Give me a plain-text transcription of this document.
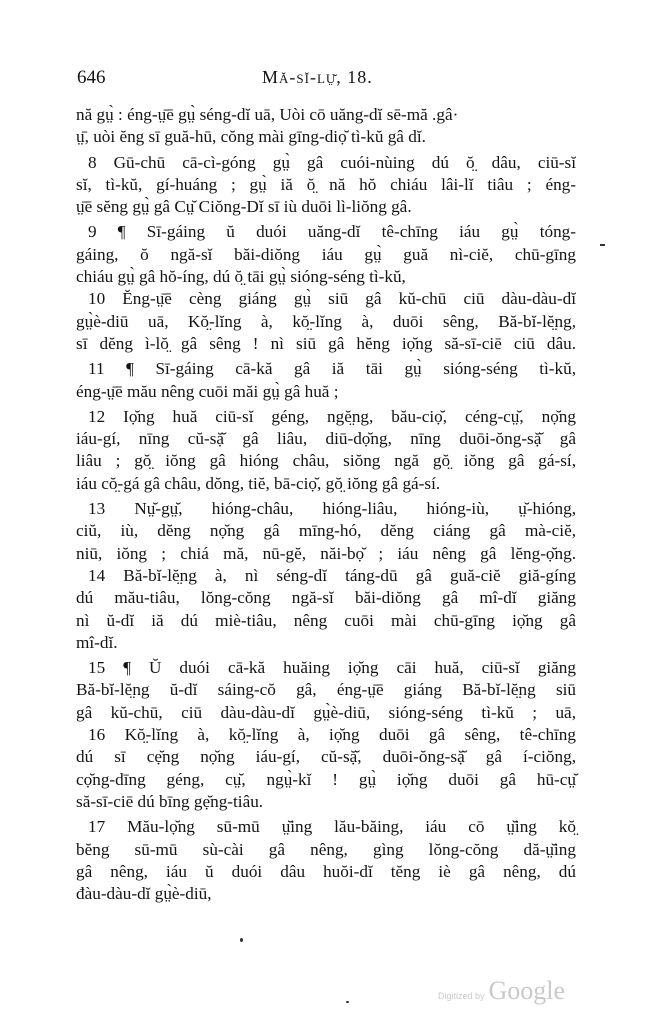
646	Mă-sĭ-lṳ̆, 18.
nă gṳ̀ : éng-ṳ̄ē gṳ̀ séng-dĭ uā, Uòi cō uăng-dĭ sē-mă .gâ·
ṳ̄, uòi ĕng sī guă-hū, cŏng mài gīng-diọ̆ tì-kŭ gâ dĭ.
8 Gū-chū cā-cì-góng gṳ̀ gâ cuói-nùing dú ŏ̤ dâu, ciū-sĭ
sĭ, tì-kŭ, gí-huáng ; gṳ̀ iă ŏ̤ nă hŏ chiáu lâi-lĭ tiâu ; éng-
ṳ̄ē sĕng gṳ̀ gâ Cṳ̆ Ciŏng-Dĭ sī iù duōi lì-liŏng gâ.
9 ¶ Sī-gáing ŭ duói uăng-dĭ tê-chīng iáu gṳ̀ tóng-
gáing, ŏ ngă-sĭ băi-diŏng iáu gṳ̀ guă nì-ciĕ, chū-gīng
chiáu gṳ̀ gâ hŏ-íng, dú ŏ̤ tāi gṳ̀ sióng-séng tì-kŭ,
10 Ĕng-ṳ̄ē cèng giáng gṳ̀ siū gâ kŭ-chū ciū dàu-dàu-dĭ
gṳ̀è-diū uā, Kŏ̤-lĭng à, kŏ̤-lĭng à, duōi sêng, Bă-bĭ-lĕ̤ng,
sī dĕng ì-lŏ̤ gâ sêng ! nì siū gâ hĕng iọ̆ng să-sī-ciē ciū dâu.
11 ¶ Sī-gáing cā-kă gâ iă tāi gṳ̀ sióng-séng tì-kŭ,
éng-ṳ̄ē mău nêng cuōi măi gṳ̀ gâ huă ;
12 Iọ̆ng huă ciū-sĭ géng, ngĕ̤ng, bău-ciọ̆, céng-cṳ̆, nọ̆ng
iáu-gí, nīng cŭ-sặ̆ gâ liâu, diū-dọ̆ng, nīng duōi-ŏng-sặ̆ gâ
liâu ; gŏ̤ iŏng gâ hióng châu, siŏng ngă gŏ̤ iŏng gâ gá-sí,
iáu cŏ̤-gá gâ châu, dŏng, tiĕ, bā-ciọ̆, gŏ̤ iŏng gâ gá-sí.
13 Nṳ̆-gṳ̆, hióng-châu, hióng-liâu, hióng-iù, ṳ̆-hióng,
ciŭ, iù, dĕng nọ̆ng gâ mīng-hó, dĕng ciáng gâ mà-ciĕ,
niū, iŏng ; chiá mă, nū-gĕ, năi-bọ̆ ; iáu nêng gâ lĕng-ọ̆ng.
14 Bă-bĭ-lĕ̤ng à, nì séng-dĭ táng-dū gâ guă-ciĕ giă-gíng
dú mău-tiâu, lŏng-cŏng ngă-sĭ băi-diŏng gâ mî-dĭ giăng
nì ŭ-dĭ iă dú miè-tiâu, nêng cuōi mài chū-gīng iọ̆ng gâ
mî-dĭ.
15 ¶ Ŭ duói cā-kă huăing iọ̆ng cāi huă, ciū-sĭ giăng
Bă-bĭ-lĕ̤ng ŭ-dĭ sáing-cŏ gâ, éng-ṳ̄ē giáng Bă-bĭ-lĕ̤ng siū
gâ kŭ-chū, ciū dàu-dàu-dĭ gṳ̀è-diū, sióng-séng tì-kŭ ; uā,
16 Kŏ̤-lĭng à, kŏ̤-lĭng à, iọ̆ng duōi gâ sêng, tê-chīng
dú sī cẹ̆ng nọ̆ng iáu-gí, cŭ-sặ̆, duōi-ŏng-sặ̆ gâ í-ciŏng,
cọ̆ng-dīng géng, cṳ̆, ngṳ̀-kĭ ! gṳ̀ iọ̆ng duōi gâ hū-cṳ̆
să-sī-ciē dú bīng gẹ̆ng-tiâu.
17 Mău-lọ̆ng sū-mū ṳ̆ing lău-băing, iáu cō ṳ̆ing kŏ̤
bĕng sū-mū sù-cài gâ nêng, gìng lŏng-cŏng dă-ṳ̆ing
gâ nêng, iáu ŭ duói dâu huŏi-dĭ tĕng iè gâ nêng, dú
đàu-dàu-dĭ gṳ̀è-diū,
Digitized by Google
